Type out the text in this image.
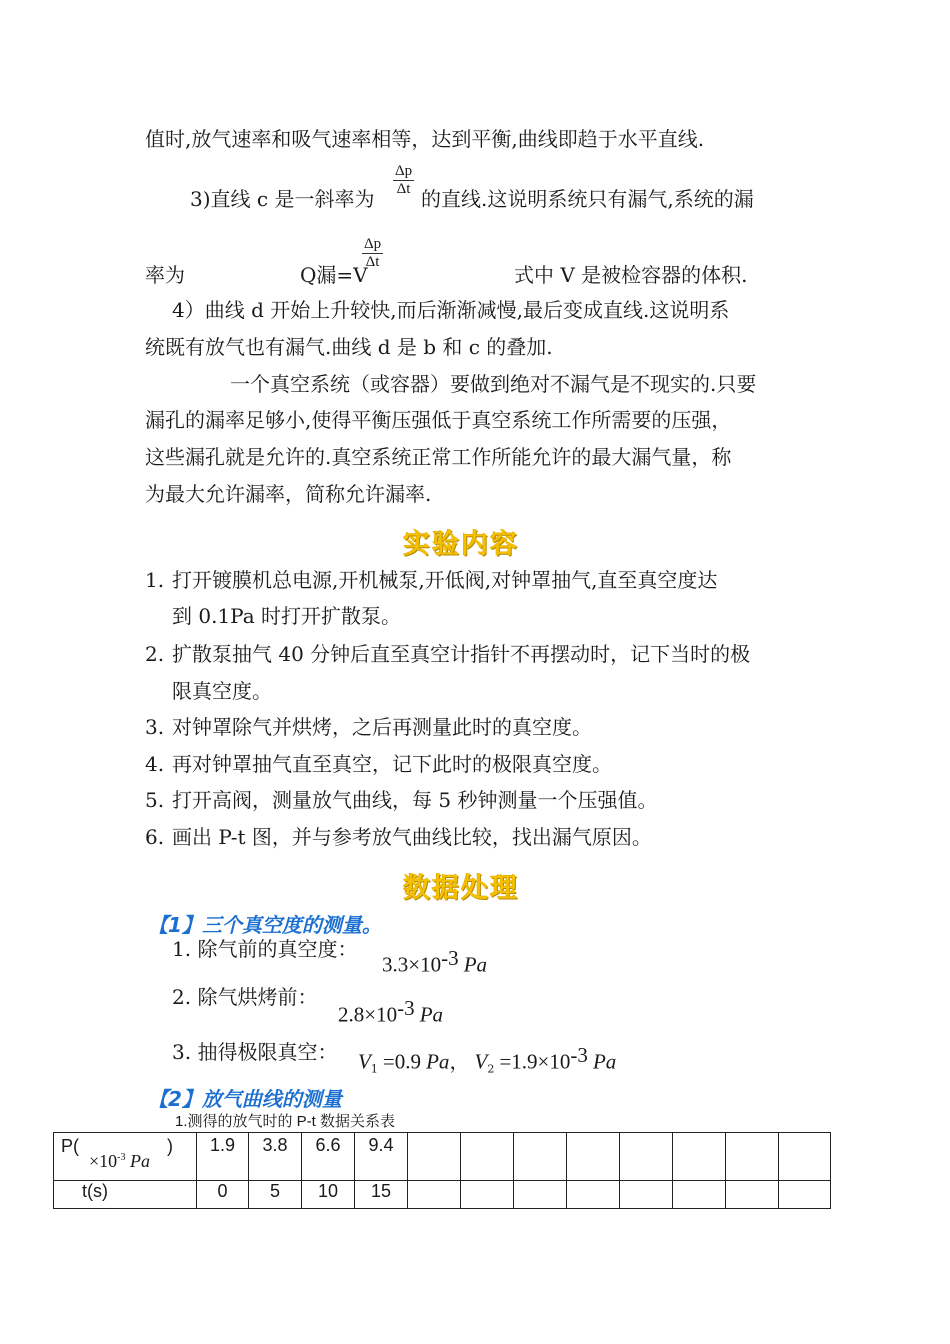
值时,放气速率和吸气速率相等，达到平衡,曲线即趋于水平直线.
3)直线 c 是一斜率为
$\frac{\Delta p}{\Delta t}$
的直线.这说明系统只有漏气,系统的漏
率为	Q漏=V
$\frac{\Delta p}{\Delta t}$
式中 V 是被检容器的体积.
4）曲线 d 开始上升较快,而后渐渐减慢,最后变成直线.这说明系
统既有放气也有漏气.曲线 d 是 b 和 c 的叠加.
一个真空系统（或容器）要做到绝对不漏气是不现实的.只要
漏孔的漏率足够小,使得平衡压强低于真空系统工作所需要的压强，
这些漏孔就是允许的.真空系统正常工作所能允许的最大漏气量，称
为最大允许漏率，简称允许漏率.
实验内容
1. 打开镀膜机总电源,开机械泵,开低阀,对钟罩抽气,直至真空度达
到 0.1Pa 时打开扩散泵。
2. 扩散泵抽气 40 分钟后直至真空计指针不再摆动时，记下当时的极
限真空度。
3. 对钟罩除气并烘烤，之后再测量此时的真空度。
4. 再对钟罩抽气直至真空，记下此时的极限真空度。
5. 打开高阀，测量放气曲线，每 5 秒钟测量一个压强值。
6. 画出 P-t 图，并与参考放气曲线比较，找出漏气原因。
数据处理
【1】三个真空度的测量。
1. 除气前的真空度：
$3.3\times 10^{-3}$ Pa
2. 除气烘烤前：
$2.8\times 10^{-3}$ Pa
3. 抽得极限真空： $V_1 =0.9$ Pa， $V_2 =1.9\times 10^{-3}$ Pa
【2】放气曲线的测量
1.测得的放气时的 P-t 数据关系表
P(
$\times 10^{-3}$ Pa
)	1.9	3.8	6.6	9.4								
t(s)	0	5	10	15								
